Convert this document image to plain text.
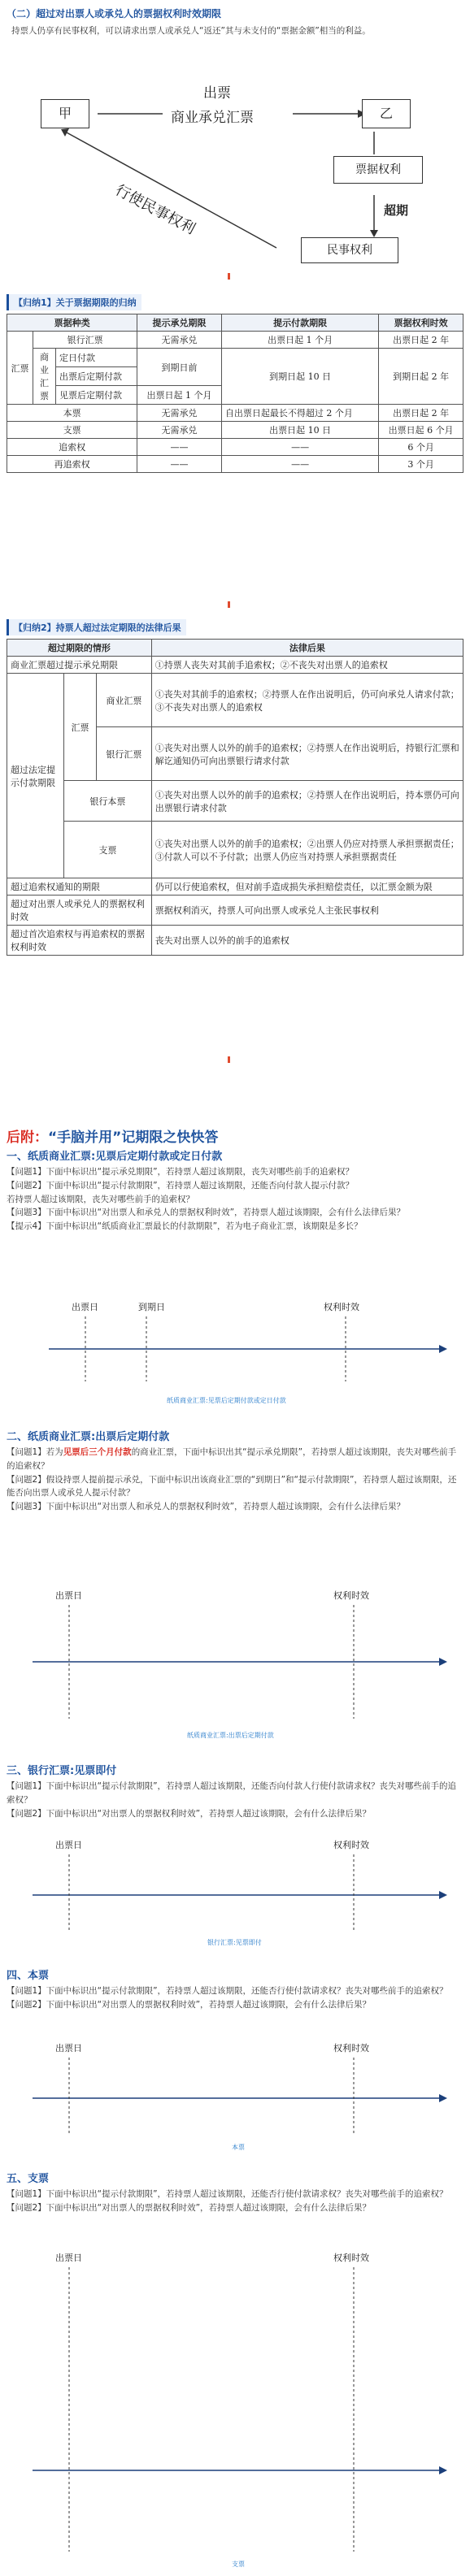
（二）超过对出票人或承兑人的票据权利时效期限
持票人仍享有民事权利，可以请求出票人或承兑人“返还”其与未支付的“票据金额”相当的利益。
甲	乙
出票
商业承兑汇票
行使民事权利
票据权利
超期
民事权利
【归纳1】关于票据期限的归纳
票据种类			提示承兑期限	提示付款期限	票据权利时效
汇票	银行汇票		无需承兑	出票日起 1 个月	出票日起 2 年
	商业汇票	定日付款	到期日前	到期日起 10 日	到期日起 2 年
		出票后定期付款			
		见票后定期付款	出票日起 1 个月		
本票			无需承兑	自出票日起最长不得超过 2 个月	出票日起 2 年
支票			无需承兑	出票日起 10 日	出票日起 6 个月
追索权			——	——	6 个月
再追索权			——	——	3 个月
【归纳2】持票人超过法定期限的法律后果
超过期限的情形			法律后果
商业汇票超过提示承兑期限			①持票人丧失对其前手追索权；②不丧失对出票人的追索权
超过法定提示付款期限	汇票	商业汇票	①丧失对其前手的追索权；②持票人在作出说明后，仍可向承兑人请求付款；③不丧失对出票人的追索权
		银行汇票	①丧失对出票人以外的前手的追索权；②持票人在作出说明后，持银行汇票和解讫通知仍可向出票银行请求付款
	银行本票		①丧失对出票人以外的前手的追索权；②持票人在作出说明后，持本票仍可向出票银行请求付款
	支票		①丧失对出票人以外的前手的追索权；②出票人仍应对持票人承担票据责任；③付款人可以不予付款；出票人仍应当对持票人承担票据责任
超过追索权通知的期限			仍可以行使追索权，但对前手造成损失承担赔偿责任，以汇票金额为限
超过对出票人或承兑人的票据权利时效			票据权利消灭，持票人可向出票人或承兑人主张民事权利
超过首次追索权与再追索权的票据权利时效			丧失对出票人以外的前手的追索权
后附：“手脑并用”记期限之快快答
一、纸质商业汇票:见票后定期付款或定日付款
【问题1】下面中标识出“提示承兑期限”，若持票人超过该期限，丧失对哪些前手的追索权？
【问题2】下面中标识出“提示付款期限”，若持票人超过该期限，还能否向付款人提示付款？
若持票人超过该期限，丧失对哪些前手的追索权？
【问题3】下面中标识出“对出票人和承兑人的票据权利时效”，若持票人超过该期限，会有什么法律后果？
【提示4】下面中标识出“纸质商业汇票最长的付款期限”，若为电子商业汇票，该期限是多长？
出票日	到期日	权利时效
纸质商业汇票:见票后定期付款或定日付款
二、纸质商业汇票:出票后定期付款
【问题1】若为见票后三个月付款的商业汇票，下面中标识出其“提示承兑期限”，若持票人超过该期限，丧失对哪些前手的追索权？
【问题2】假设持票人提前提示承兑，下面中标识出该商业汇票的“到期日”和“提示付款期限”，若持票人超过该期限，还能否向出票人或承兑人提示付款？
【问题3】下面中标识出“对出票人和承兑人的票据权利时效”，若持票人超过该期限，会有什么法律后果？
出票日	权利时效
纸质商业汇票:出票后定期付款
三、银行汇票:见票即付
【问题1】下面中标识出“提示付款期限”，若持票人超过该期限，还能否向付款人行使付款请求权？丧失对哪些前手的追索权？
【问题2】下面中标识出“对出票人的票据权利时效”，若持票人超过该期限，会有什么法律后果？
出票日	权利时效
银行汇票:见票即付
四、本票
【问题1】下面中标识出“提示付款期限”，若持票人超过该期限，还能否行使付款请求权？丧失对哪些前手的追索权？
【问题2】下面中标识出“对出票人的票据权利时效”，若持票人超过该期限，会有什么法律后果？
出票日	权利时效
本票
五、支票
【问题1】下面中标识出“提示付款期限”，若持票人超过该期限，还能否行使付款请求权？丧失对哪些前手的追索权？
【问题2】下面中标识出“对出票人的票据权利时效”，若持票人超过该期限，会有什么法律后果？
出票日	权利时效
支票
